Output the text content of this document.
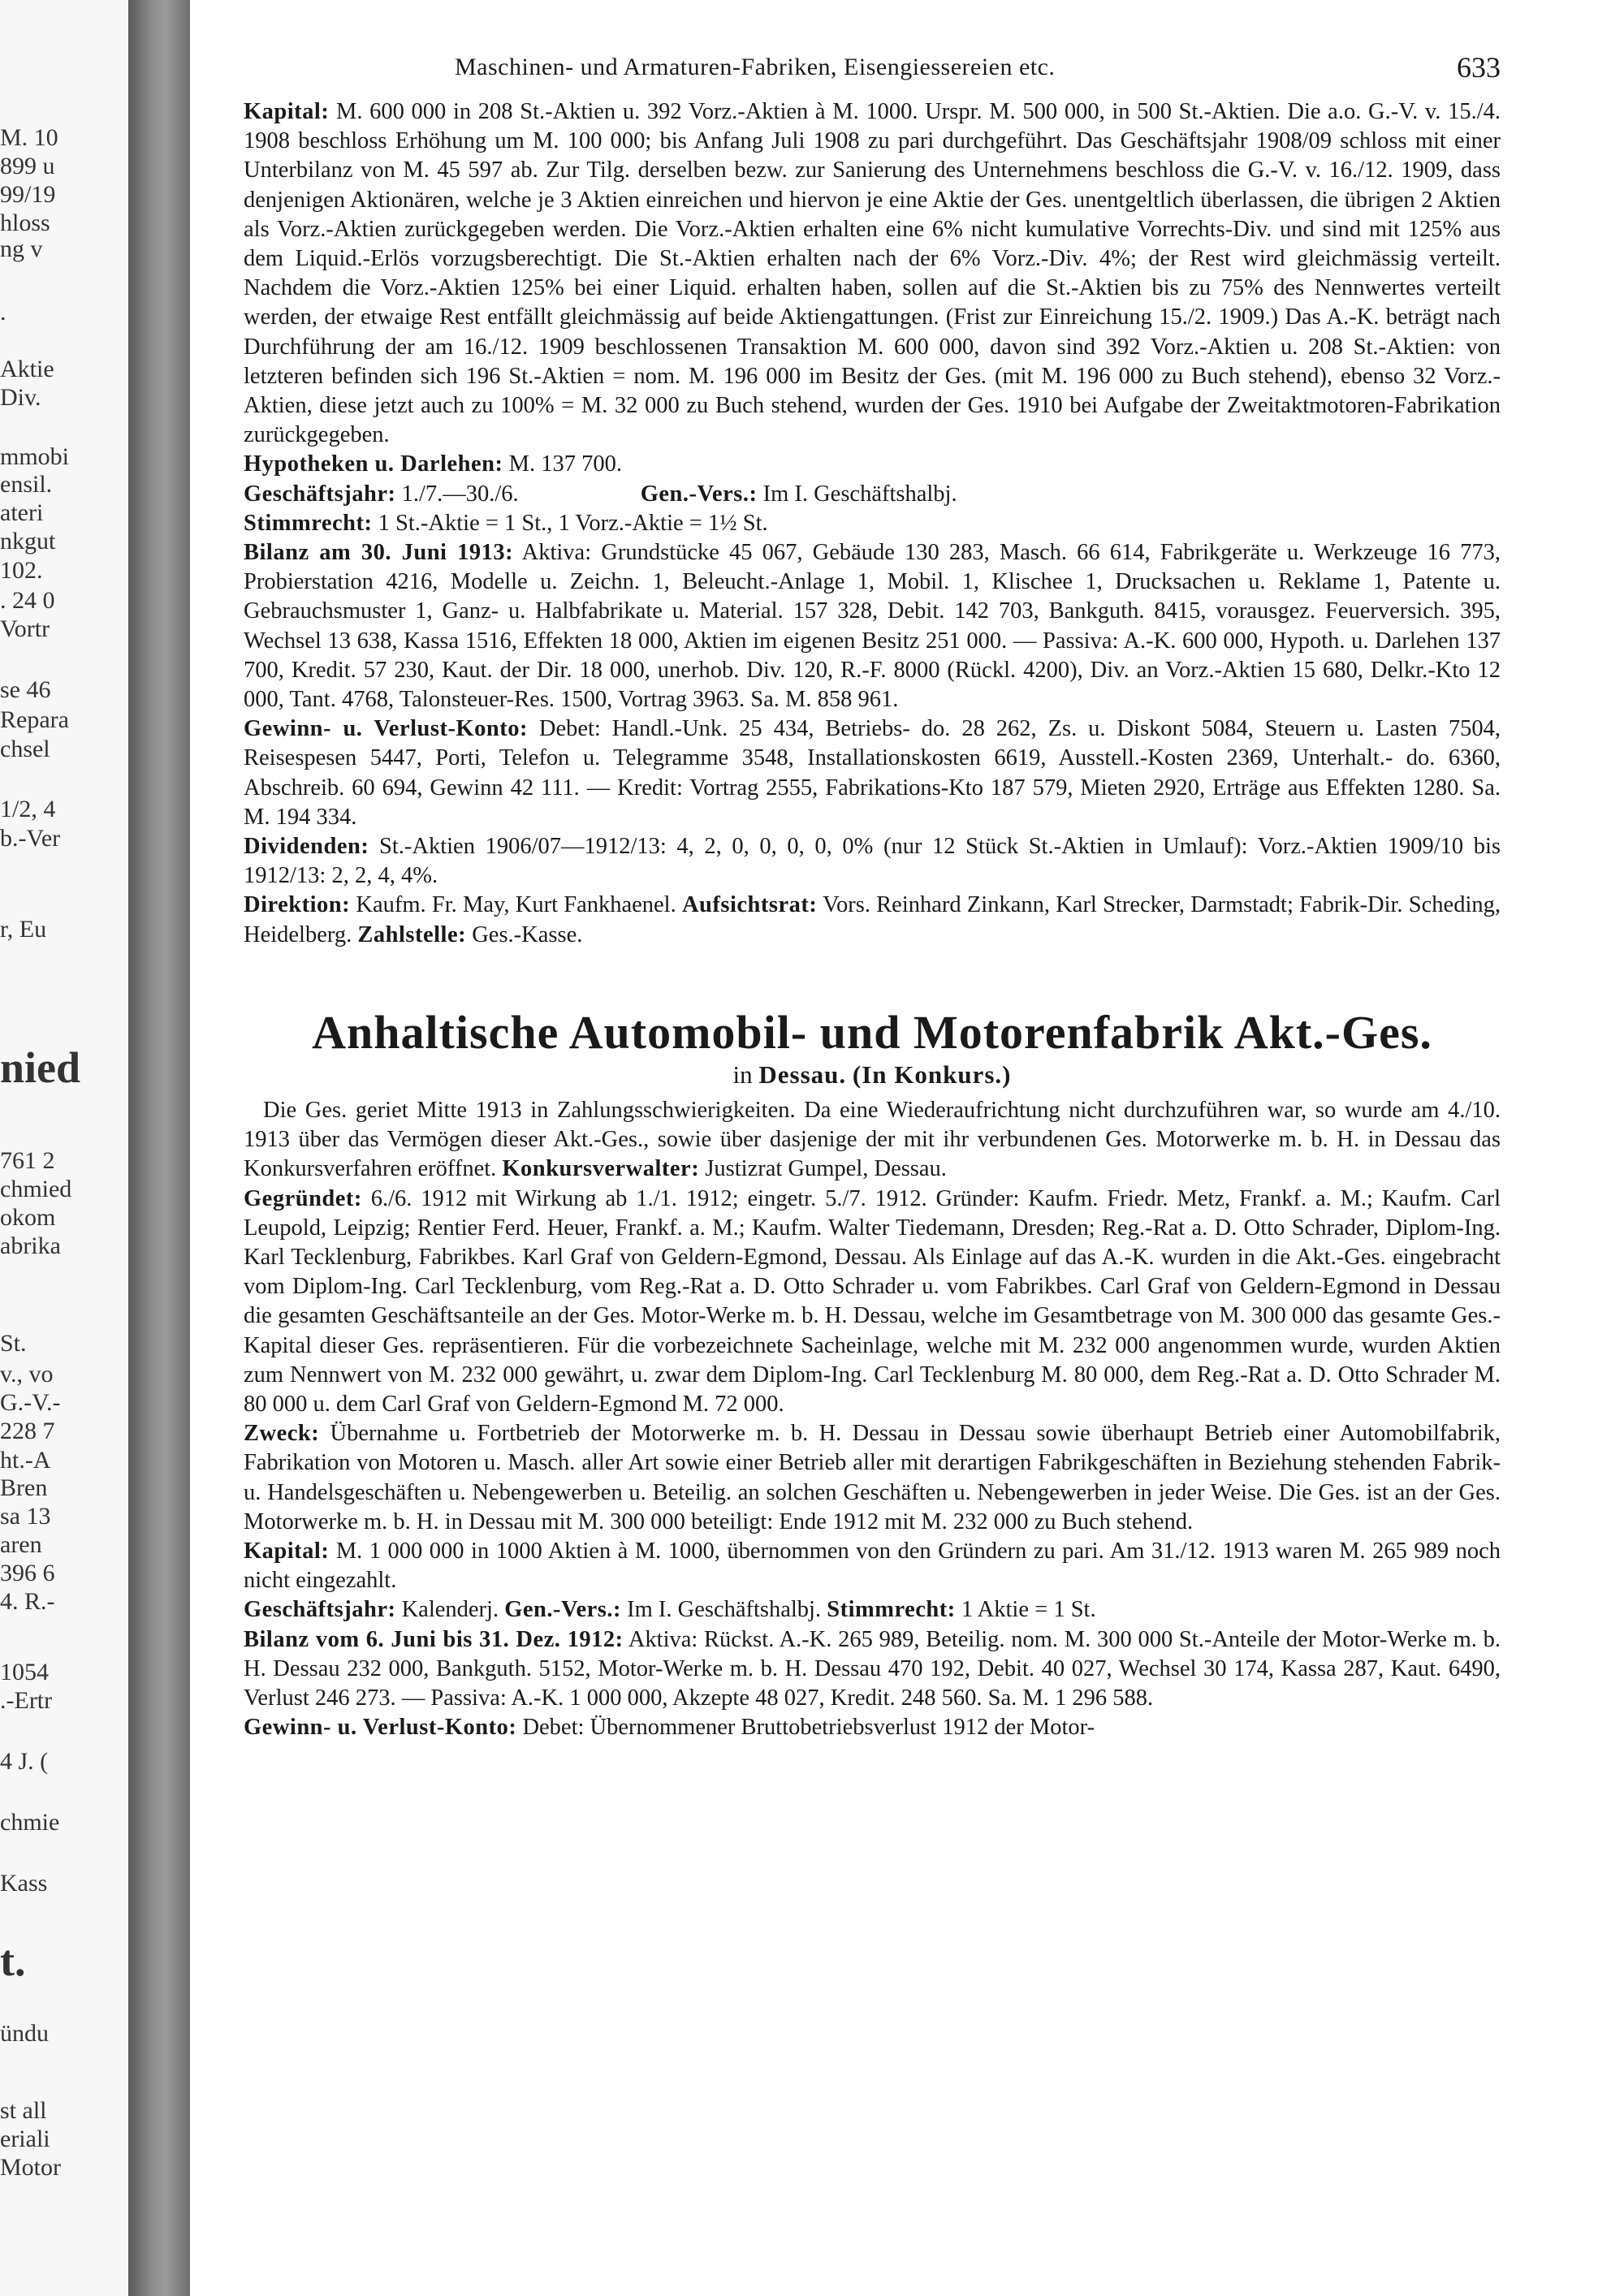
M. 10
899 u
99/19
hloss
ng v
.
Aktie
Div.
mmobi
ensil.
ateri
nkgut
102.
. 24 0
Vortr
se 46
Repara
chsel
1/2, 4
b.-Ver
r, Eu
nied
761 2
chmied
okom
abrika
St.
v., vo
G.-V.-
228 7
ht.-A
Bren
sa 13
aren
396 6
4. R.-
1054
.-Ertr
4 J. (
chmie
Kass
t.
ündu
st all
eriali
Motor
Maschinen- und Armaturen-Fabriken, Eisengiessereien etc.	633

Kapital: M. 600 000 in 208 St.-Aktien u. 392 Vorz.-Aktien à M. 1000. Urspr. M. 500 000, in 500 St.-Aktien. Die a.o. G.-V. v. 15./4. 1908 beschloss Erhöhung um M. 100 000; bis Anfang Juli 1908 zu pari durchgeführt. Das Geschäftsjahr 1908/09 schloss mit einer Unterbilanz von M. 45 597 ab. Zur Tilg. derselben bezw. zur Sanierung des Unternehmens beschloss die G.-V. v. 16./12. 1909, dass denjenigen Aktionären, welche je 3 Aktien einreichen und hiervon je eine Aktie der Ges. unentgeltlich überlassen, die übrigen 2 Aktien als Vorz.-Aktien zurückgegeben werden. Die Vorz.-Aktien erhalten eine 6% nicht kumulative Vorrechts-Div. und sind mit 125% aus dem Liquid.-Erlös vorzugsberechtigt. Die St.-Aktien erhalten nach der 6% Vorz.-Div. 4%; der Rest wird gleichmässig verteilt. Nachdem die Vorz.-Aktien 125% bei einer Liquid. erhalten haben, sollen auf die St.-Aktien bis zu 75% des Nennwertes verteilt werden, der etwaige Rest entfällt gleichmässig auf beide Aktiengattungen. (Frist zur Einreichung 15./2. 1909.) Das A.-K. beträgt nach Durchführung der am 16./12. 1909 beschlossenen Transaktion M. 600 000, davon sind 392 Vorz.-Aktien u. 208 St.-Aktien: von letzteren befinden sich 196 St.-Aktien = nom. M. 196 000 im Besitz der Ges. (mit M. 196 000 zu Buch stehend), ebenso 32 Vorz.-Aktien, diese jetzt auch zu 100% = M. 32 000 zu Buch stehend, wurden der Ges. 1910 bei Aufgabe der Zweitaktmotoren-Fabrikation zurückgegeben.

Hypotheken u. Darlehen: M. 137 700.

Geschäftsjahr: 1./7.—30./6.	Gen.-Vers.: Im I. Geschäftshalbj.

Stimmrecht: 1 St.-Aktie = 1 St., 1 Vorz.-Aktie = 1½ St.

Bilanz am 30. Juni 1913: Aktiva: Grundstücke 45 067, Gebäude 130 283, Masch. 66 614, Fabrikgeräte u. Werkzeuge 16 773, Probierstation 4216, Modelle u. Zeichn. 1, Beleucht.-Anlage 1, Mobil. 1, Klischee 1, Drucksachen u. Reklame 1, Patente u. Gebrauchsmuster 1, Ganz- u. Halbfabrikate u. Material. 157 328, Debit. 142 703, Bankguth. 8415, vorausgez. Feuerversich. 395, Wechsel 13 638, Kassa 1516, Effekten 18 000, Aktien im eigenen Besitz 251 000. — Passiva: A.-K. 600 000, Hypoth. u. Darlehen 137 700, Kredit. 57 230, Kaut. der Dir. 18 000, unerhob. Div. 120, R.-F. 8000 (Rückl. 4200), Div. an Vorz.-Aktien 15 680, Delkr.-Kto 12 000, Tant. 4768, Talonsteuer-Res. 1500, Vortrag 3963. Sa. M. 858 961.

Gewinn- u. Verlust-Konto: Debet: Handl.-Unk. 25 434, Betriebs- do. 28 262, Zs. u. Diskont 5084, Steuern u. Lasten 7504, Reisespesen 5447, Porti, Telefon u. Telegramme 3548, Installationskosten 6619, Ausstell.-Kosten 2369, Unterhalt.- do. 6360, Abschreib. 60 694, Gewinn 42 111. — Kredit: Vortrag 2555, Fabrikations-Kto 187 579, Mieten 2920, Erträge aus Effekten 1280. Sa. M. 194 334.

Dividenden: St.-Aktien 1906/07—1912/13: 4, 2, 0, 0, 0, 0, 0% (nur 12 Stück St.-Aktien in Umlauf): Vorz.-Aktien 1909/10 bis 1912/13: 2, 2, 4, 4%.

Direktion: Kaufm. Fr. May, Kurt Fankhaenel. Aufsichtsrat: Vors. Reinhard Zinkann, Karl Strecker, Darmstadt; Fabrik-Dir. Scheding, Heidelberg. Zahlstelle: Ges.-Kasse.

Anhaltische Automobil- und Motorenfabrik Akt.-Ges.
in Dessau. (In Konkurs.)

Die Ges. geriet Mitte 1913 in Zahlungsschwierigkeiten. Da eine Wiederaufrichtung nicht durchzuführen war, so wurde am 4./10. 1913 über das Vermögen dieser Akt.-Ges., sowie über dasjenige der mit ihr verbundenen Ges. Motorwerke m. b. H. in Dessau das Konkursverfahren eröffnet. Konkursverwalter: Justizrat Gumpel, Dessau.

Gegründet: 6./6. 1912 mit Wirkung ab 1./1. 1912; eingetr. 5./7. 1912. Gründer: Kaufm. Friedr. Metz, Frankf. a. M.; Kaufm. Carl Leupold, Leipzig; Rentier Ferd. Heuer, Frankf. a. M.; Kaufm. Walter Tiedemann, Dresden; Reg.-Rat a. D. Otto Schrader, Diplom-Ing. Karl Tecklenburg, Fabrikbes. Karl Graf von Geldern-Egmond, Dessau. Als Einlage auf das A.-K. wurden in die Akt.-Ges. eingebracht vom Diplom-Ing. Carl Tecklenburg, vom Reg.-Rat a. D. Otto Schrader u. vom Fabrikbes. Carl Graf von Geldern-Egmond in Dessau die gesamten Geschäftsanteile an der Ges. Motor-Werke m. b. H. Dessau, welche im Gesamtbetrage von M. 300 000 das gesamte Ges.-Kapital dieser Ges. repräsentieren. Für die vorbezeichnete Sacheinlage, welche mit M. 232 000 angenommen wurde, wurden Aktien zum Nennwert von M. 232 000 gewährt, u. zwar dem Diplom-Ing. Carl Tecklenburg M. 80 000, dem Reg.-Rat a. D. Otto Schrader M. 80 000 u. dem Carl Graf von Geldern-Egmond M. 72 000.

Zweck: Übernahme u. Fortbetrieb der Motorwerke m. b. H. Dessau in Dessau sowie überhaupt Betrieb einer Automobilfabrik, Fabrikation von Motoren u. Masch. aller Art sowie einer Betrieb aller mit derartigen Fabrikgeschäften in Beziehung stehenden Fabrik- u. Handelsgeschäften u. Nebengewerben u. Beteilig. an solchen Geschäften u. Nebengewerben in jeder Weise. Die Ges. ist an der Ges. Motorwerke m. b. H. in Dessau mit M. 300 000 beteiligt: Ende 1912 mit M. 232 000 zu Buch stehend.

Kapital: M. 1 000 000 in 1000 Aktien à M. 1000, übernommen von den Gründern zu pari. Am 31./12. 1913 waren M. 265 989 noch nicht eingezahlt.

Geschäftsjahr: Kalenderj. Gen.-Vers.: Im I. Geschäftshalbj. Stimmrecht: 1 Aktie = 1 St.

Bilanz vom 6. Juni bis 31. Dez. 1912: Aktiva: Rückst. A.-K. 265 989, Beteilig. nom. M. 300 000 St.-Anteile der Motor-Werke m. b. H. Dessau 232 000, Bankguth. 5152, Motor-Werke m. b. H. Dessau 470 192, Debit. 40 027, Wechsel 30 174, Kassa 287, Kaut. 6490, Verlust 246 273. — Passiva: A.-K. 1 000 000, Akzepte 48 027, Kredit. 248 560. Sa. M. 1 296 588.

Gewinn- u. Verlust-Konto: Debet: Übernommener Bruttobetriebsverlust 1912 der Motor-
